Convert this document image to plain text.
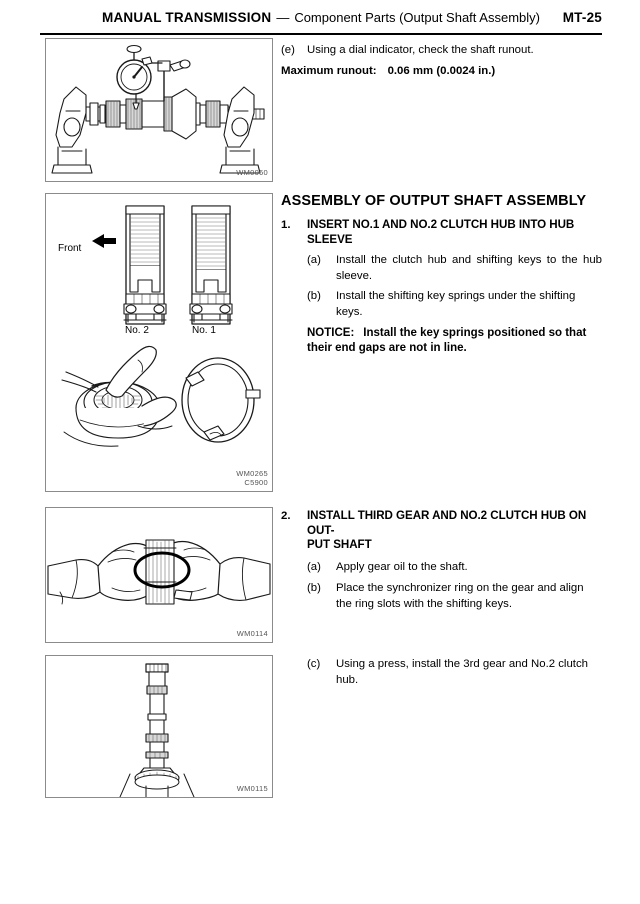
MANUAL TRANSMISSION — Component Parts (Output Shaft Assembly) MT-25
WM0060
Front
No. 2	No. 1
WM0265
C5900
WM0114
WM0115
(e)	Using a dial indicator, check the shaft runout.
Maximum runout: 0.06 mm (0.0024 in.)
ASSEMBLY OF OUTPUT SHAFT ASSEMBLY
1.	INSERT NO.1 AND NO.2 CLUTCH HUB INTO HUB SLEEVE
(a)	Install the clutch hub and shifting keys to the hub sleeve.
(b)	Install the shifting key springs under the shifting keys.
NOTICE: Install the key springs positioned so that their end gaps are not in line.
2.	INSTALL THIRD GEAR AND NO.2 CLUTCH HUB ON OUT-
PUT SHAFT
(a)	Apply gear oil to the shaft.
(b)	Place the synchronizer ring on the gear and align the ring slots with the shifting keys.
(c)	Using a press, install the 3rd gear and No.2 clutch hub.
